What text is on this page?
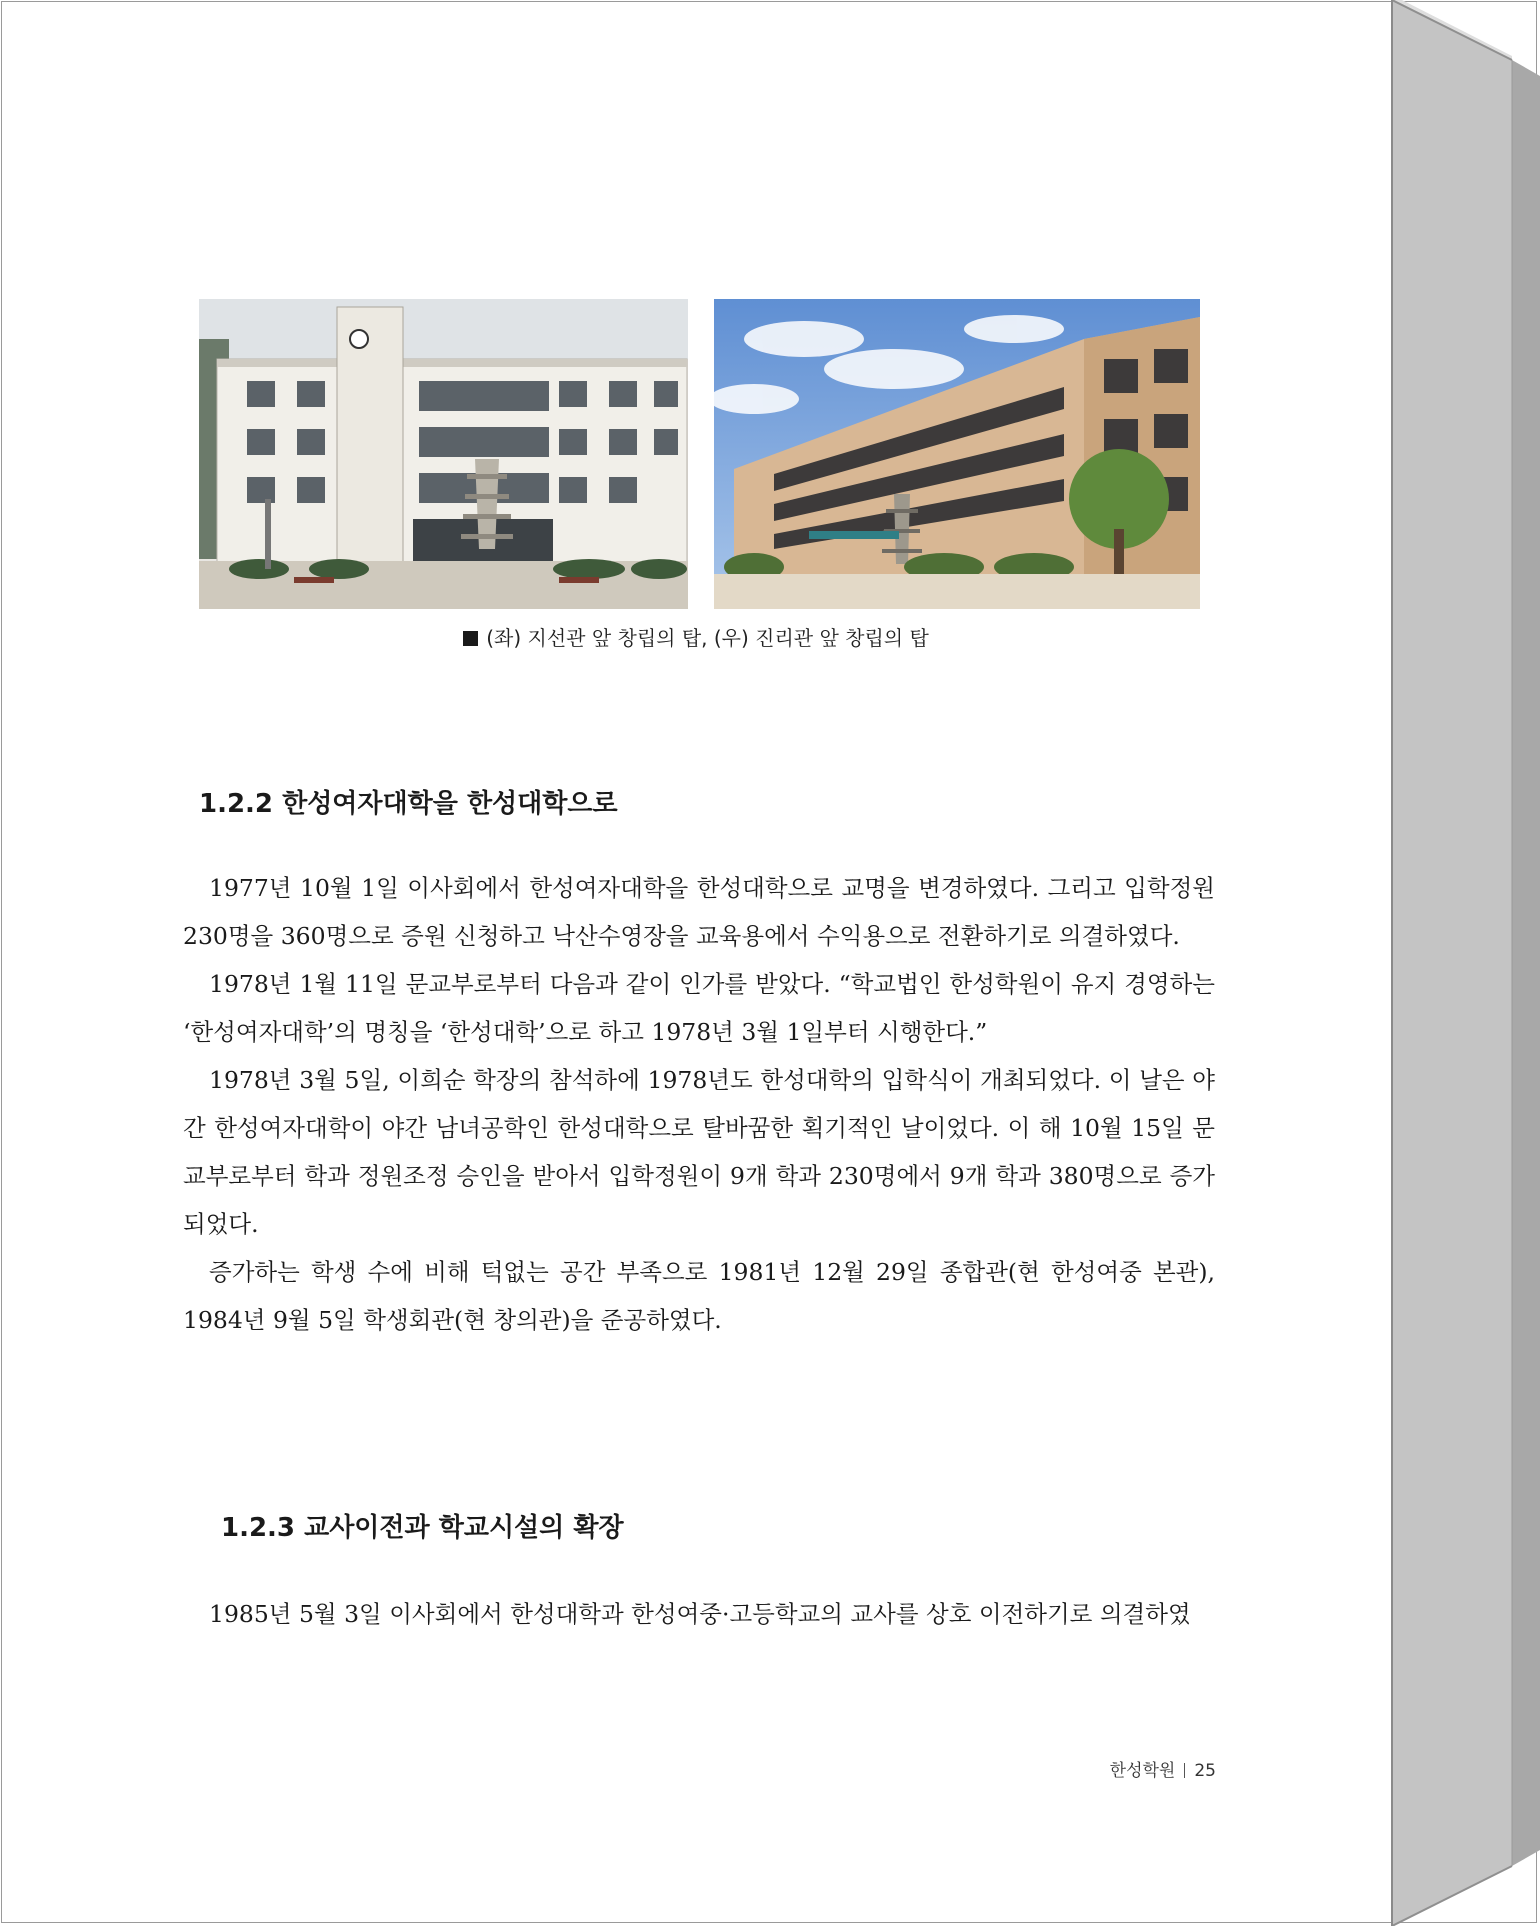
(좌) 지선관 앞 창립의 탑, (우) 진리관 앞 창립의 탑
1.2.2 한성여자대학을 한성대학으로

1977년 10월 1일 이사회에서 한성여자대학을 한성대학으로 교명을 변경하였다. 그리고 입학정원 230명을 360명으로 증원 신청하고 낙산수영장을 교육용에서 수익용으로 전환하기로 의결하였다.

1978년 1월 11일 문교부로부터 다음과 같이 인가를 받았다. “학교법인 한성학원이 유지 경영하는 ‘한성여자대학’의 명칭을 ‘한성대학’으로 하고 1978년 3월 1일부터 시행한다.”

1978년 3월 5일, 이희순 학장의 참석하에 1978년도 한성대학의 입학식이 개최되었다. 이 날은 야간 한성여자대학이 야간 남녀공학인 한성대학으로 탈바꿈한 획기적인 날이었다. 이 해 10월 15일 문교부로부터 학과 정원조정 승인을 받아서 입학정원이 9개 학과 230명에서 9개 학과 380명으로 증가되었다.

증가하는 학생 수에 비해 턱없는 공간 부족으로 1981년 12월 29일 종합관(현 한성여중 본관), 1984년 9월 5일 학생회관(현 창의관)을 준공하였다.

1.2.3 교사이전과 학교시설의 확장

1985년 5월 3일 이사회에서 한성대학과 한성여중·고등학교의 교사를 상호 이전하기로 의결하였

한성학원 25
